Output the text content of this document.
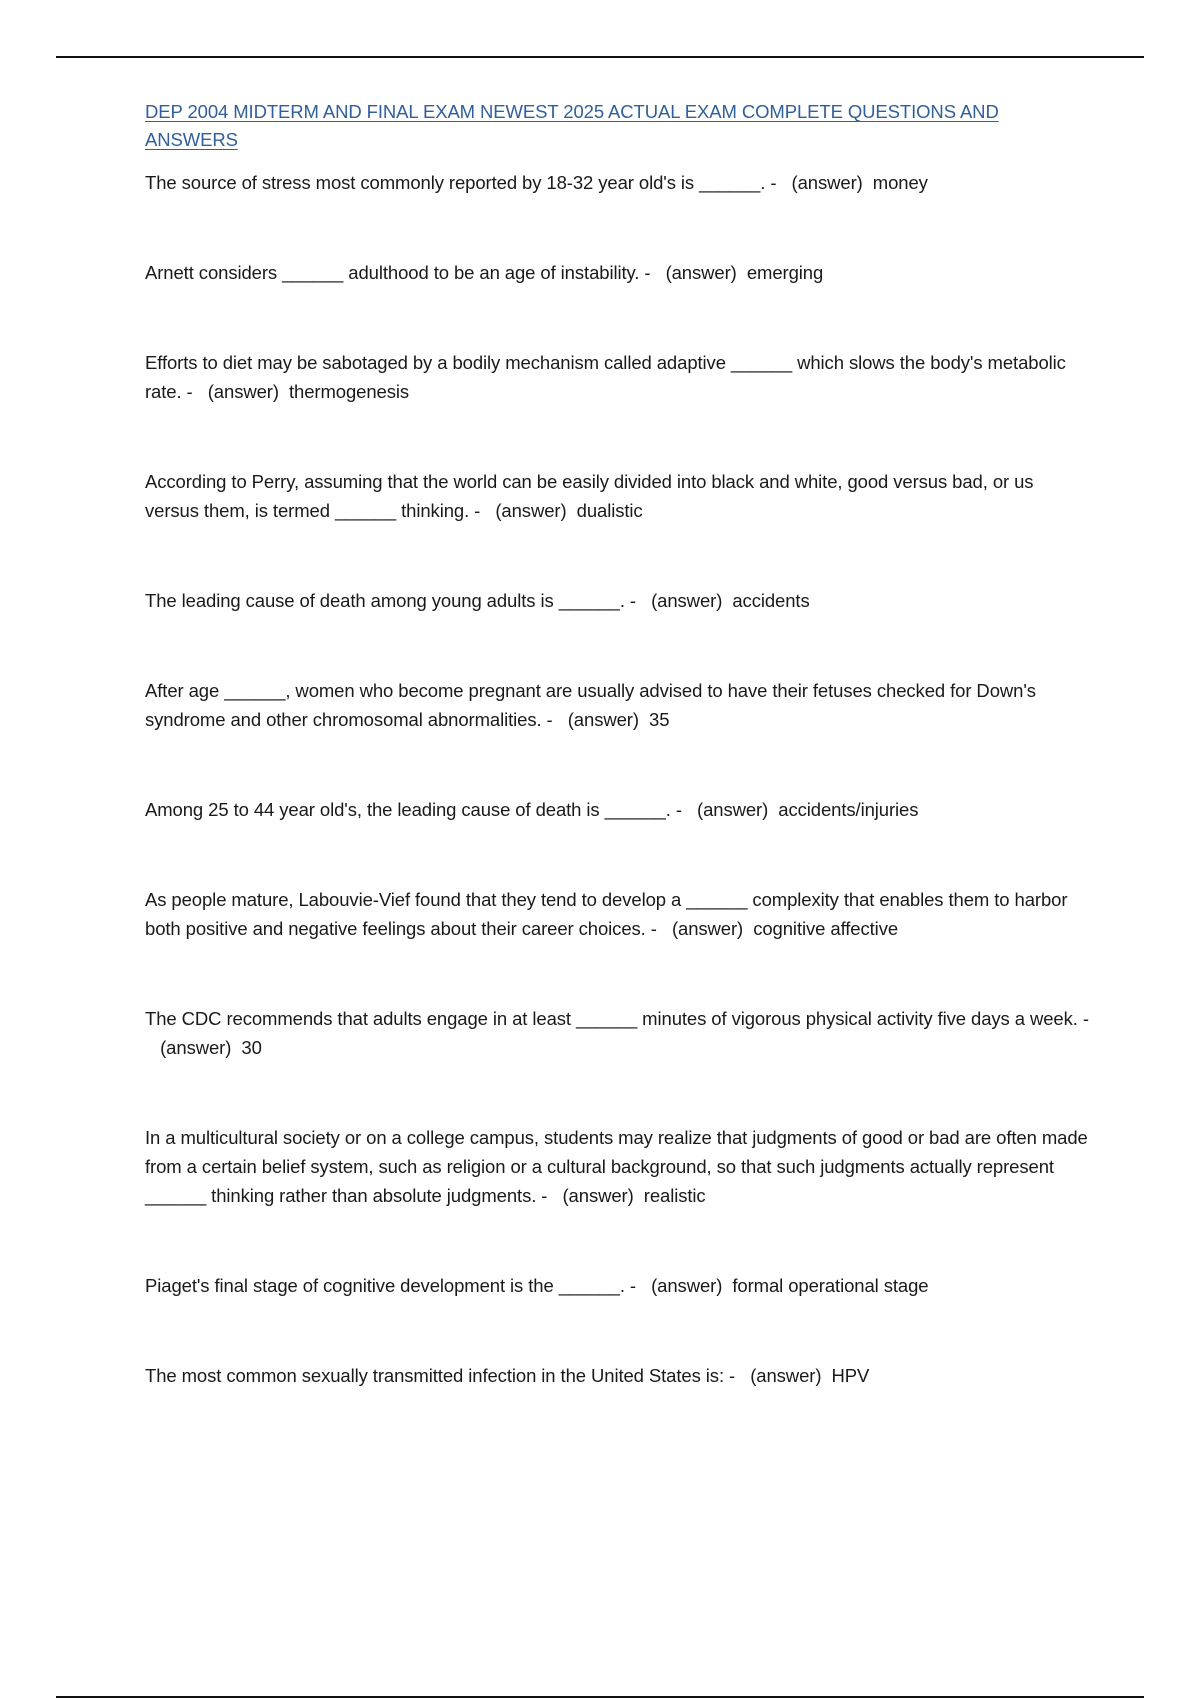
DEP 2004 MIDTERM AND FINAL EXAM NEWEST 2025 ACTUAL EXAM COMPLETE QUESTIONS AND ANSWERS
The source of stress most commonly reported by 18-32 year old's is ______. - (answer) money
Arnett considers ______ adulthood to be an age of instability. - (answer) emerging
Efforts to diet may be sabotaged by a bodily mechanism called adaptive ______ which slows the body's metabolic rate. - (answer) thermogenesis
According to Perry, assuming that the world can be easily divided into black and white, good versus bad, or us versus them, is termed ______ thinking. - (answer) dualistic
The leading cause of death among young adults is ______. - (answer) accidents
After age ______, women who become pregnant are usually advised to have their fetuses checked for Down's syndrome and other chromosomal abnormalities. - (answer) 35
Among 25 to 44 year old's, the leading cause of death is ______. - (answer) accidents/injuries
As people mature, Labouvie-Vief found that they tend to develop a ______ complexity that enables them to harbor both positive and negative feelings about their career choices. - (answer) cognitive affective
The CDC recommends that adults engage in at least ______ minutes of vigorous physical activity five days a week. -   (answer) 30
In a multicultural society or on a college campus, students may realize that judgments of good or bad are often made from a certain belief system, such as religion or a cultural background, so that such judgments actually represent ______ thinking rather than absolute judgments. - (answer) realistic
Piaget's final stage of cognitive development is the ______. - (answer) formal operational stage
The most common sexually transmitted infection in the United States is: - (answer) HPV
